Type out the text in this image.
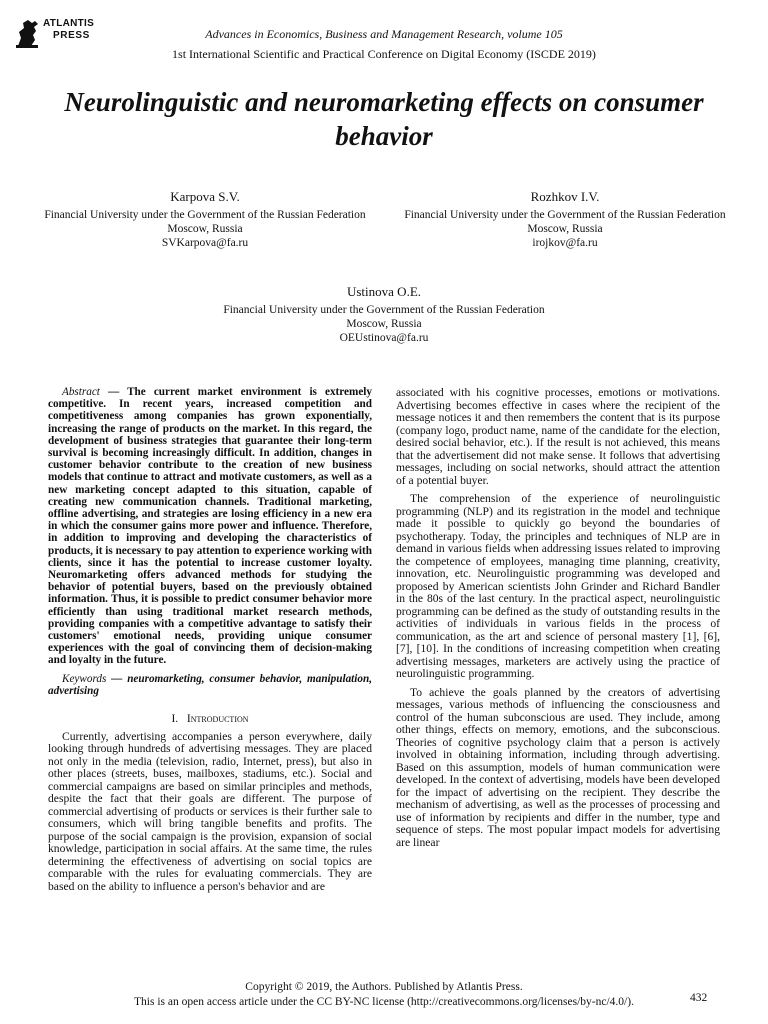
ATLANTIS
PRESS	Advances in Economics, Business and Management Research, volume 105
1st International Scientific and Practical Conference on Digital Economy (ISCDE 2019)
Neurolinguistic and neuromarketing effects on consumer behavior
Karpova S.V.
Financial University under the Government of the Russian Federation
Moscow, Russia
SVKarpova@fa.ru
Rozhkov I.V.
Financial University under the Government of the Russian Federation
Moscow, Russia
irojkov@fa.ru
Ustinova O.E.
Financial University under the Government of the Russian Federation
Moscow, Russia
OEUstinova@fa.ru
Abstract — The current market environment is extremely competitive. In recent years, increased competition and competitiveness among companies has grown exponentially, increasing the range of products on the market. In this regard, the development of business strategies that guarantee their long-term survival is becoming increasingly difficult. In addition, changes in customer behavior contribute to the creation of new business models that continue to attract and motivate customers, as well as a new marketing concept adapted to this situation, capable of creating new communication channels. Traditional marketing, offline advertising, and strategies are losing efficiency in a new era in which the consumer gains more power and influence. Therefore, in addition to improving and developing the characteristics of products, it is necessary to pay attention to experience working with clients, since it has the potential to increase customer loyalty. Neuromarketing offers advanced methods for studying the behavior of potential buyers, based on the previously obtained information. Thus, it is possible to predict consumer behavior more efficiently than using traditional market research methods, providing companies with a competitive advantage to satisfy their customers' emotional needs, providing unique consumer experiences with the goal of convincing them of decision-making and loyalty in the future.
Keywords — neuromarketing, consumer behavior, manipulation, advertising
I. Introduction
Currently, advertising accompanies a person everywhere, daily looking through hundreds of advertising messages. They are placed not only in the media (television, radio, Internet, press), but also in other places (streets, buses, mailboxes, stadiums, etc.). Social and commercial campaigns are based on similar principles and methods, despite the fact that their goals are different. The purpose of commercial advertising of products or services is their further sale to consumers, which will bring tangible benefits and profits. The purpose of the social campaign is the provision, expansion of social knowledge, participation in social affairs. At the same time, the rules determining the effectiveness of advertising on social topics are comparable with the rules for evaluating commercials. They are based on the ability to influence a person's behavior and are
associated with his cognitive processes, emotions or motivations. Advertising becomes effective in cases where the recipient of the message notices it and then remembers the content that is its purpose (company logo, product name, name of the candidate for the election, desired social behavior, etc.). If the result is not achieved, this means that the advertisement did not make sense. It follows that advertising messages, including on social networks, should attract the attention of a potential buyer.
The comprehension of the experience of neurolinguistic programming (NLP) and its registration in the model and technique made it possible to quickly go beyond the boundaries of psychotherapy. Today, the principles and techniques of NLP are in demand in various fields when addressing issues related to improving the competence of employees, managing time planning, creativity, innovation, etc. Neurolinguistic programming was developed and proposed by American scientists John Grinder and Richard Bandler in the 80s of the last century. In the practical aspect, neurolinguistic programming can be defined as the study of outstanding results in the activities of individuals in various fields in the process of communication, as the art and science of personal mastery [1], [6], [7], [10]. In the conditions of increasing competition when creating advertising messages, marketers are actively using the practice of neurolinguistic programming.
To achieve the goals planned by the creators of advertising messages, various methods of influencing the consciousness and control of the human subconscious are used. They include, among other things, effects on memory, emotions, and the subconscious. Theories of cognitive psychology claim that a person is actively involved in obtaining information, including through advertising. Based on this assumption, models of human communication were developed. In the context of advertising, models have been developed for the impact of advertising on the recipient. They describe the mechanism of advertising, as well as the processes of processing and use of information by recipients and differ in the number, type and sequence of steps. The most popular impact models for advertising are linear
Copyright © 2019, the Authors. Published by Atlantis Press.
This is an open access article under the CC BY-NC license (http://creativecommons.org/licenses/by-nc/4.0/).	432
